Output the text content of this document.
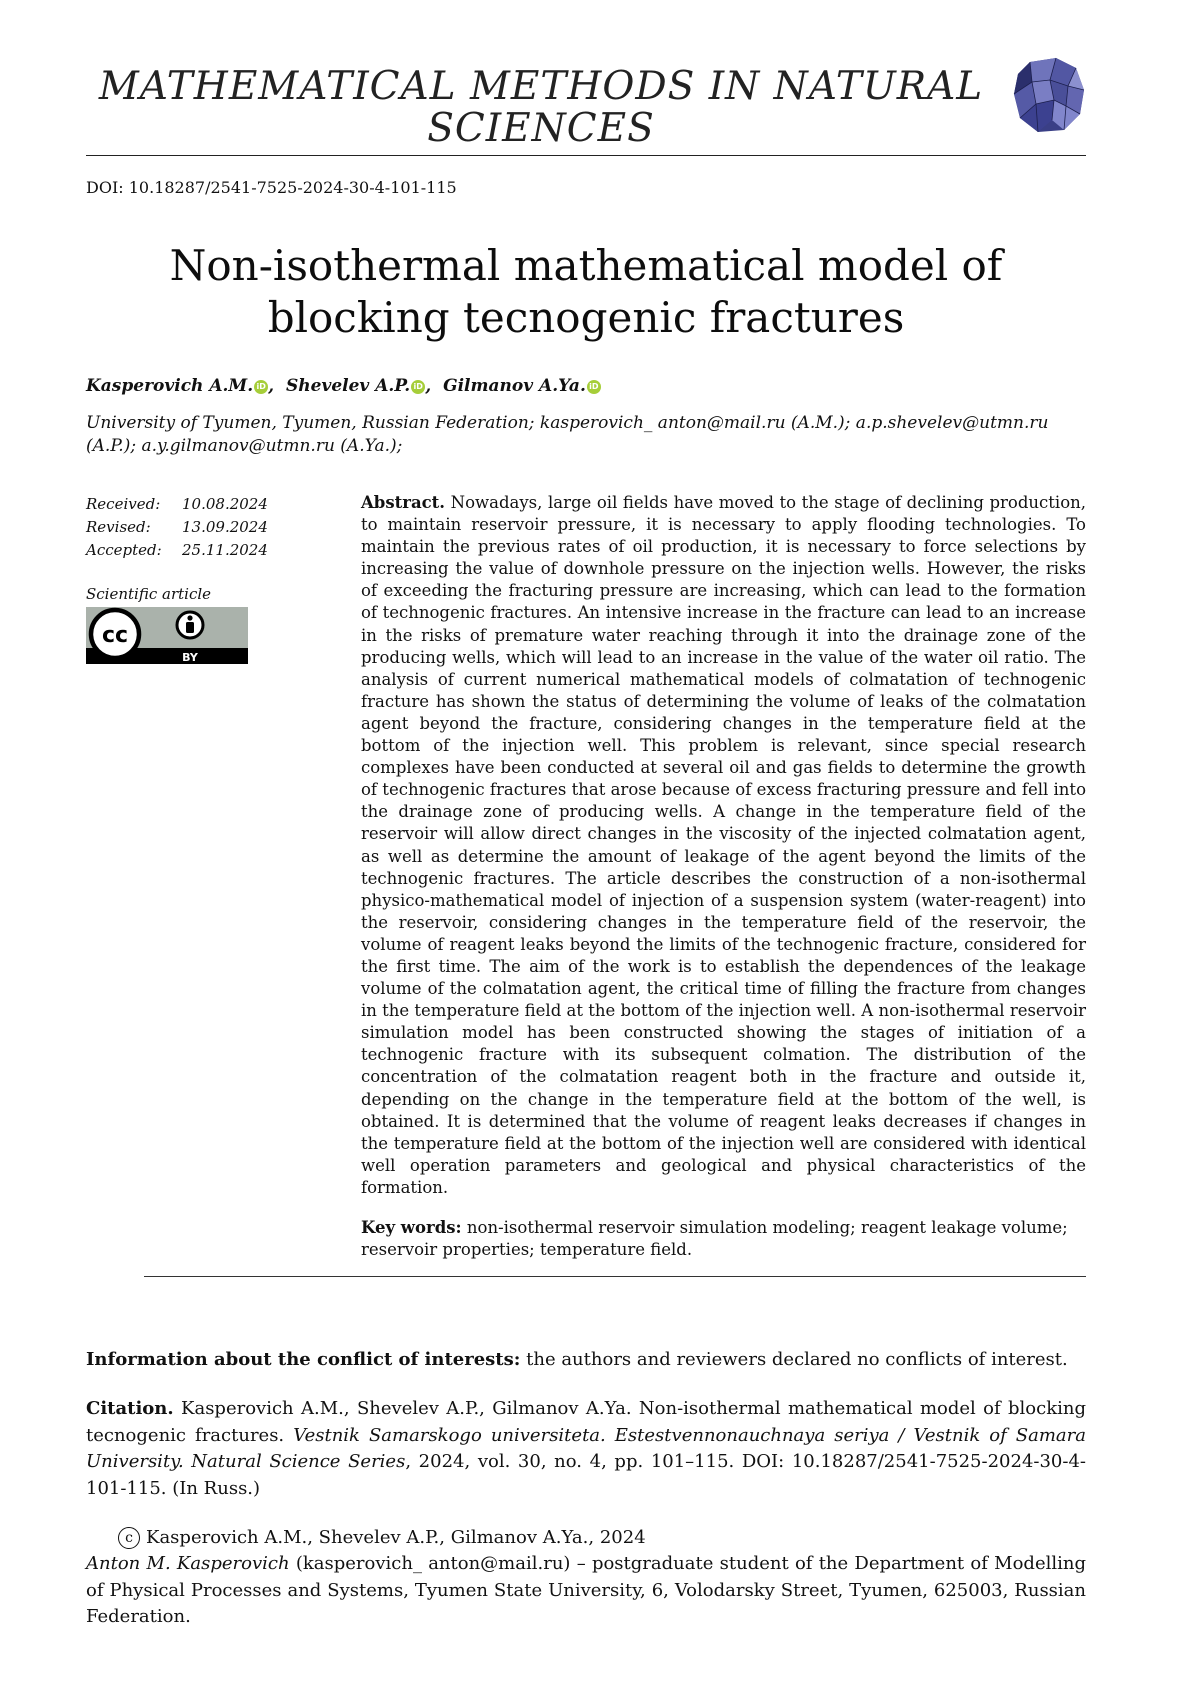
MATHEMATICAL METHODS IN NATURAL SCIENCES
DOI: 10.18287/2541-7525-2024-30-4-101-115
Non-isothermal mathematical model of blocking tecnogenic fractures
Kasperovich A.M. iD , Shevelev A.P. iD , Gilmanov A.Ya. iD
University of Tyumen, Tyumen, Russian Federation; kasperovich_ anton@mail.ru (A.M.); a.p.shevelev@utmn.ru (A.P.); a.y.gilmanov@utmn.ru (A.Ya.);
Received: 10.08.2024
Revised: 13.09.2024
Accepted: 25.11.2024
Scientific article
cc
BY
Abstract. Nowadays, large oil fields have moved to the stage of declining production, to maintain reservoir pressure, it is necessary to apply flooding technologies. To maintain the previous rates of oil production, it is necessary to force selections by increasing the value of downhole pressure on the injection wells. However, the risks of exceeding the fracturing pressure are increasing, which can lead to the formation of technogenic fractures. An intensive increase in the fracture can lead to an increase in the risks of premature water reaching through it into the drainage zone of the producing wells, which will lead to an increase in the value of the water oil ratio. The analysis of current numerical mathematical models of colmatation of technogenic fracture has shown the status of determining the volume of leaks of the colmatation agent beyond the fracture, considering changes in the temperature field at the bottom of the injection well. This problem is relevant, since special research complexes have been conducted at several oil and gas fields to determine the growth of technogenic fractures that arose because of excess fracturing pressure and fell into the drainage zone of producing wells. A change in the temperature field of the reservoir will allow direct changes in the viscosity of the injected colmatation agent, as well as determine the amount of leakage of the agent beyond the limits of the technogenic fractures. The article describes the construction of a non-isothermal physico-mathematical model of injection of a suspension system (water-reagent) into the reservoir, considering changes in the temperature field of the reservoir, the volume of reagent leaks beyond the limits of the technogenic fracture, considered for the first time. The aim of the work is to establish the dependences of the leakage volume of the colmatation agent, the critical time of filling the fracture from changes in the temperature field at the bottom of the injection well. A non-isothermal reservoir simulation model has been constructed showing the stages of initiation of a technogenic fracture with its subsequent colmation. The distribution of the concentration of the colmatation reagent both in the fracture and outside it, depending on the change in the temperature field at the bottom of the well, is obtained. It is determined that the volume of reagent leaks decreases if changes in the temperature field at the bottom of the injection well are considered with identical well operation parameters and geological and physical characteristics of the formation.
Key words: non-isothermal reservoir simulation modeling; reagent leakage volume; reservoir properties; temperature field.
Information about the conflict of interests: the authors and reviewers declared no conflicts of interest.
Citation. Kasperovich A.M., Shevelev A.P., Gilmanov A.Ya. Non-isothermal mathematical model of blocking tecnogenic fractures. Vestnik Samarskogo universiteta. Estestvennonauchnaya seriya / Vestnik of Samara University. Natural Science Series, 2024, vol. 30, no. 4, pp. 101–115. DOI: 10.18287/2541-7525-2024-30-4-101-115. (In Russ.)
c Kasperovich A.M., Shevelev A.P., Gilmanov A.Ya., 2024
Anton M. Kasperovich (kasperovich_ anton@mail.ru) – postgraduate student of the Department of Modelling of Physical Processes and Systems, Tyumen State University, 6, Volodarsky Street, Tyumen, 625003, Russian Federation.
